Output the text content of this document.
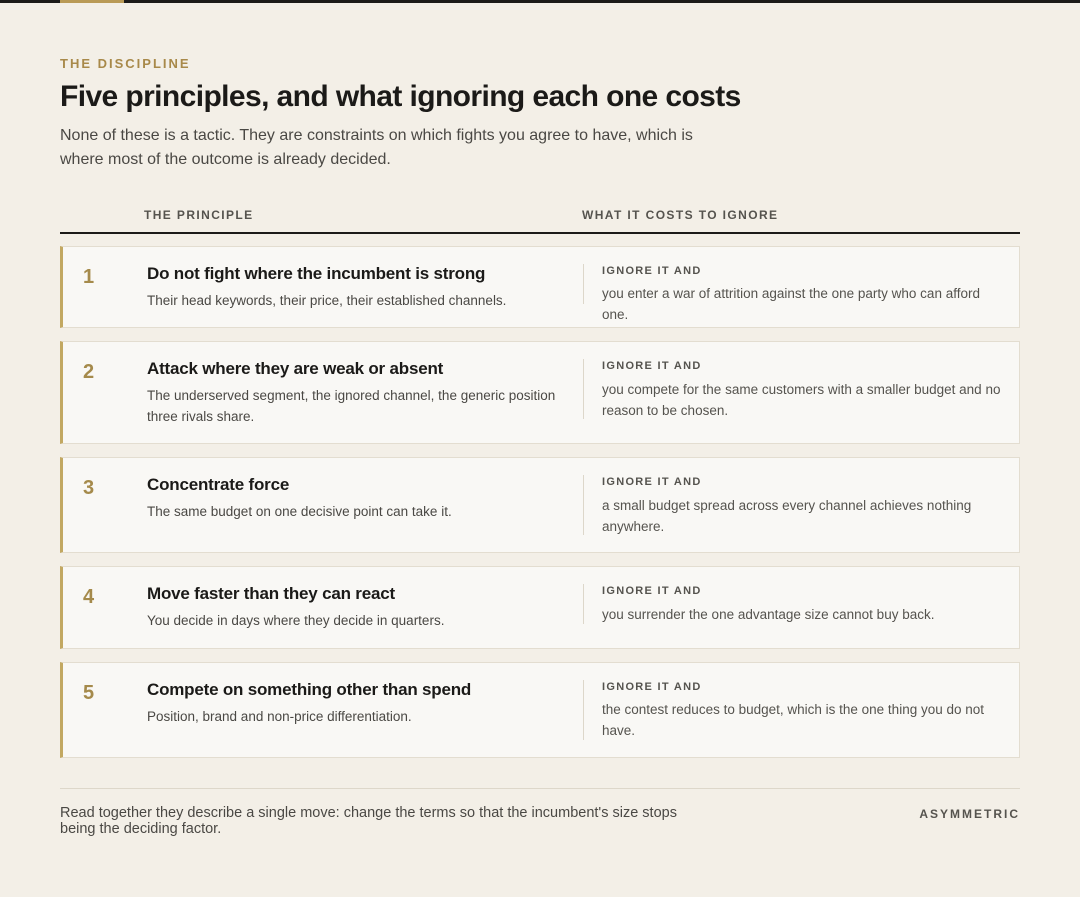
THE DISCIPLINE
Five principles, and what ignoring each one costs

None of these is a tactic. They are constraints on which fights you agree to have, which is where most of the outcome is already decided.

THE PRINCIPLE	WHAT IT COSTS TO IGNORE
1	Do not fight where the incumbent is strong
Their head keywords, their price, their established channels.
IGNORE IT AND
you enter a war of attrition against the one party who can afford one.
2	Attack where they are weak or absent
The underserved segment, the ignored channel, the generic position three rivals share.
IGNORE IT AND
you compete for the same customers with a smaller budget and no reason to be chosen.
3	Concentrate force
The same budget on one decisive point can take it.
IGNORE IT AND
a small budget spread across every channel achieves nothing anywhere.
4	Move faster than they can react
You decide in days where they decide in quarters.
IGNORE IT AND
you surrender the one advantage size cannot buy back.
5	Compete on something other than spend
Position, brand and non-price differentiation.
IGNORE IT AND
the contest reduces to budget, which is the one thing you do not have.

Read together they describe a single move: change the terms so that the incumbent's size stops being the deciding factor.

ASYMMETRIC
